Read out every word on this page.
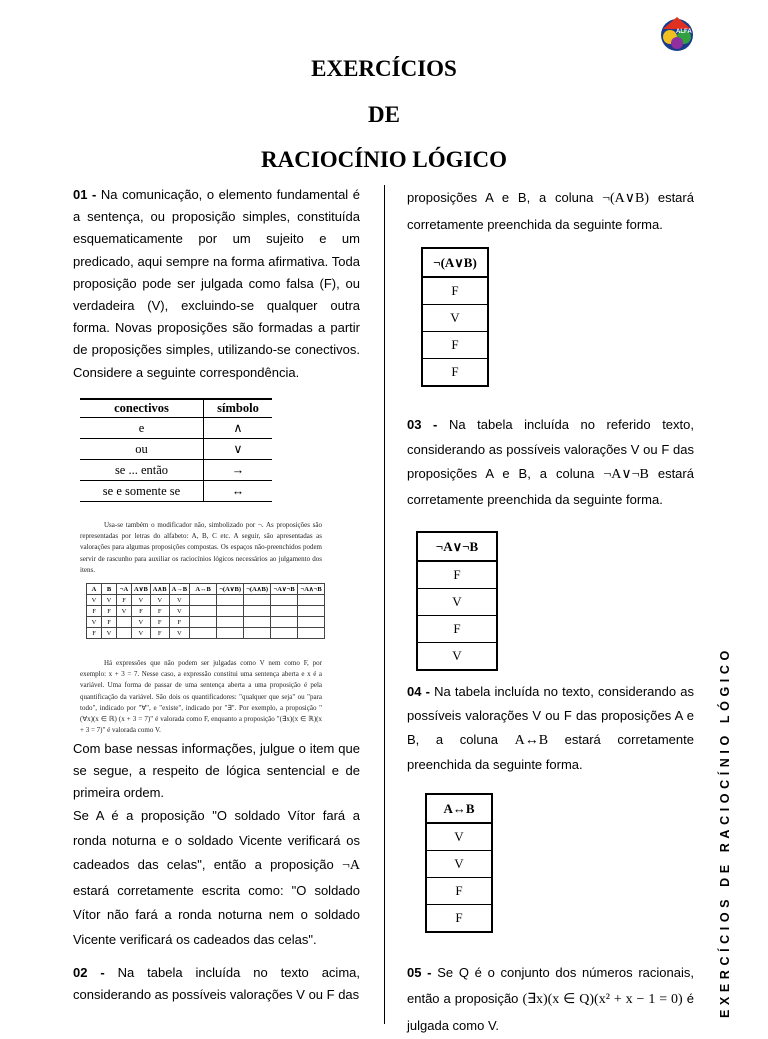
ALFA
EXERCÍCIOS
DE
RACIOCÍNIO LÓGICO
01 - Na comunicação, o elemento fundamental é a sentença, ou proposição simples, constituída esquematicamente por um sujeito e um predicado, aqui sempre na forma afirmativa. Toda proposição pode ser julgada como falsa (F), ou verdadeira (V), excluindo-se qualquer outra forma. Novas proposições são formadas a partir de proposições simples, utilizando-se conectivos. Considere a seguinte correspondência.
conectivos	símbolo
e	∧
ou	∨
se ... então	→
se e somente se	↔
Usa-se também o modificador não, simbolizado por ¬. As proposições são representadas por letras do alfabeto: A, B, C etc. A seguir, são apresentadas as valorações para algumas proposições compostas. Os espaços não-preenchidos podem servir de rascunho para auxiliar os raciocínios lógicos necessários ao julgamento dos itens.
A	B	¬A	A∨B	A∧B	A→B	A↔B	¬(A∨B)	¬(A∧B)	¬A∨¬B	¬A∧¬B
V	V	F	V	V	V					
F	F	V	F	F	V					
V	F		V	F	F					
F	V		V	F	V					
Há expressões que não podem ser julgadas como V nem como F, por exemplo: x + 3 = 7. Nesse caso, a expressão constitui uma sentença aberta e x é a variável. Uma forma de passar de uma sentença aberta a uma proposição é pela quantificação da variável. São dois os quantificadores: "qualquer que seja" ou "para todo", indicado por "∀", e "existe", indicado por "∃". Por exemplo, a proposição "(∀x)(x ∈ ℝ) (x + 3 = 7)" é valorada como F, enquanto a proposição "(∃x)(x ∈ ℝ)(x + 3 = 7)" é valorada como V.
Com base nessas informações, julgue o item que se segue, a respeito de lógica sentencial e de primeira ordem.
Se A é a proposição "O soldado Vítor fará a ronda noturna e o soldado Vicente verificará os cadeados das celas", então a proposição ¬A estará corretamente escrita como: "O soldado Vítor não fará a ronda noturna nem o soldado Vicente verificará os cadeados das celas".
02 - Na tabela incluída no texto acima, considerando as possíveis valorações V ou F das
proposições A e B, a coluna ¬(A∨B) estará corretamente preenchida da seguinte forma.
¬(A∨B)
F
V
F
F
03 - Na tabela incluída no referido texto, considerando as possíveis valorações V ou F das proposições A e B, a coluna ¬A∨¬B estará corretamente preenchida da seguinte forma.
¬A∨¬B
F
V
F
V
04 - Na tabela incluída no texto, considerando as possíveis valorações V ou F das proposições A e B, a coluna A↔B estará corretamente preenchida da seguinte forma.
A↔B
V
V
F
F
05 - Se Q é o conjunto dos números racionais, então a proposição (∃x)(x ∈ Q)(x² + x − 1 = 0) é julgada como V.
EXERCÍCIOS DE RACIOCÍNIO LÓGICO
